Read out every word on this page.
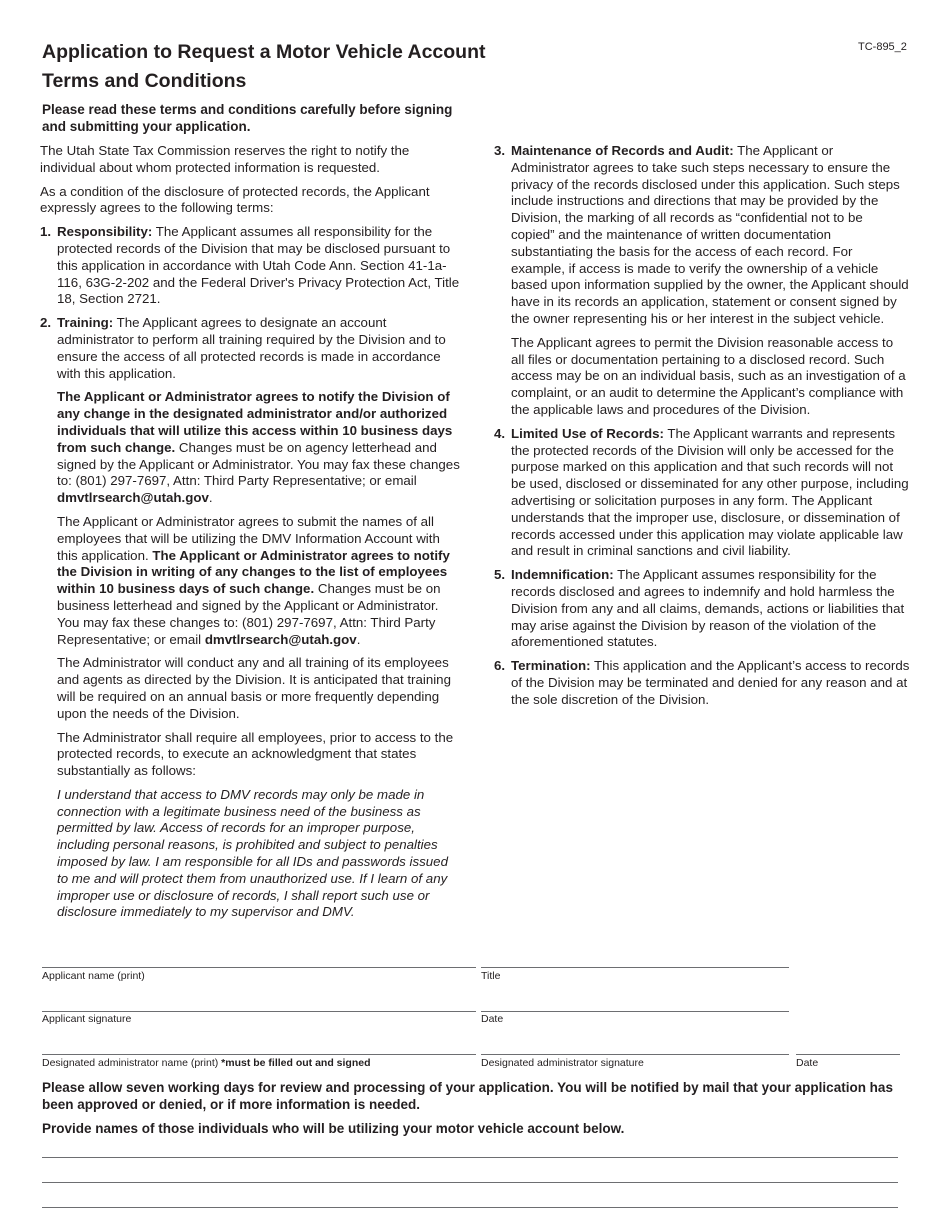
Application to Request a Motor Vehicle Account
Terms and Conditions
TC-895_2
Please read these terms and conditions carefully before signing and submitting your application.

The Utah State Tax Commission reserves the right to notify the individual about whom protected information is requested.

As a condition of the disclosure of protected records, the Applicant expressly agrees to the following terms:

1. Responsibility: The Applicant assumes all responsibility for the protected records of the Division that may be disclosed pursuant to this application in accordance with Utah Code Ann. Section 41-1a-116, 63G-2-202 and the Federal Driver's Privacy Protection Act, Title 18, Section 2721.

2. Training: The Applicant agrees to designate an account administrator to perform all training required by the Division and to ensure the access of all protected records is made in accordance with this application.

The Applicant or Administrator agrees to notify the Division of any change in the designated administrator and/or authorized individuals that will utilize this access within 10 business days from such change. Changes must be on agency letterhead and signed by the Applicant or Administrator. You may fax these changes to: (801) 297-7697, Attn: Third Party Representative; or email dmvtlrsearch@utah.gov.

The Applicant or Administrator agrees to submit the names of all employees that will be utilizing the DMV Information Account with this application. The Applicant or Administrator agrees to notify the Division in writing of any changes to the list of employees within 10 business days of such change. Changes must be on business letterhead and signed by the Applicant or Administrator. You may fax these changes to: (801) 297-7697, Attn: Third Party Representative; or email dmvtlrsearch@utah.gov.

The Administrator will conduct any and all training of its employees and agents as directed by the Division. It is anticipated that training will be required on an annual basis or more frequently depending upon the needs of the Division.

The Administrator shall require all employees, prior to access to the protected records, to execute an acknowledgment that states substantially as follows:

I understand that access to DMV records may only be made in connection with a legitimate business need of the business as permitted by law. Access of records for an improper purpose, including personal reasons, is prohibited and subject to penalties imposed by law. I am responsible for all IDs and passwords issued to me and will protect them from unauthorized use. If I learn of any improper use or disclosure of records, I shall report such use or disclosure immediately to my supervisor and DMV.

3. Maintenance of Records and Audit: The Applicant or Administrator agrees to take such steps necessary to ensure the privacy of the records disclosed under this application. Such steps include instructions and directions that may be provided by the Division, the marking of all records as “confidential not to be copied” and the maintenance of written documentation substantiating the basis for the access of each record. For example, if access is made to verify the ownership of a vehicle based upon information supplied by the owner, the Applicant should have in its records an application, statement or consent signed by the owner representing his or her interest in the subject vehicle.

The Applicant agrees to permit the Division reasonable access to all files or documentation pertaining to a disclosed record. Such access may be on an individual basis, such as an investigation of a complaint, or an audit to determine the Applicant’s compliance with the applicable laws and procedures of the Division.

4. Limited Use of Records: The Applicant warrants and represents the protected records of the Division will only be accessed for the purpose marked on this application and that such records will not be used, disclosed or disseminated for any other purpose, including advertising or solicitation purposes in any form. The Applicant understands that the improper use, disclosure, or dissemination of records accessed under this application may violate applicable law and result in criminal sanctions and civil liability.

5. Indemnification: The Applicant assumes responsibility for the records disclosed and agrees to indemnify and hold harmless the Division from any and all claims, demands, actions or liabilities that may arise against the Division by reason of the violation of the aforementioned statutes.

6. Termination: This application and the Applicant’s access to records of the Division may be terminated and denied for any reason and at the sole discretion of the Division.

Applicant name (print)	Title
Applicant signature	Date
Designated administrator name (print) *must be filled out and signed	Designated administrator signature	Date
Please allow seven working days for review and processing of your application. You will be notified by mail that your application has been approved or denied, or if more information is needed.
Provide names of those individuals who will be utilizing your motor vehicle account below.
